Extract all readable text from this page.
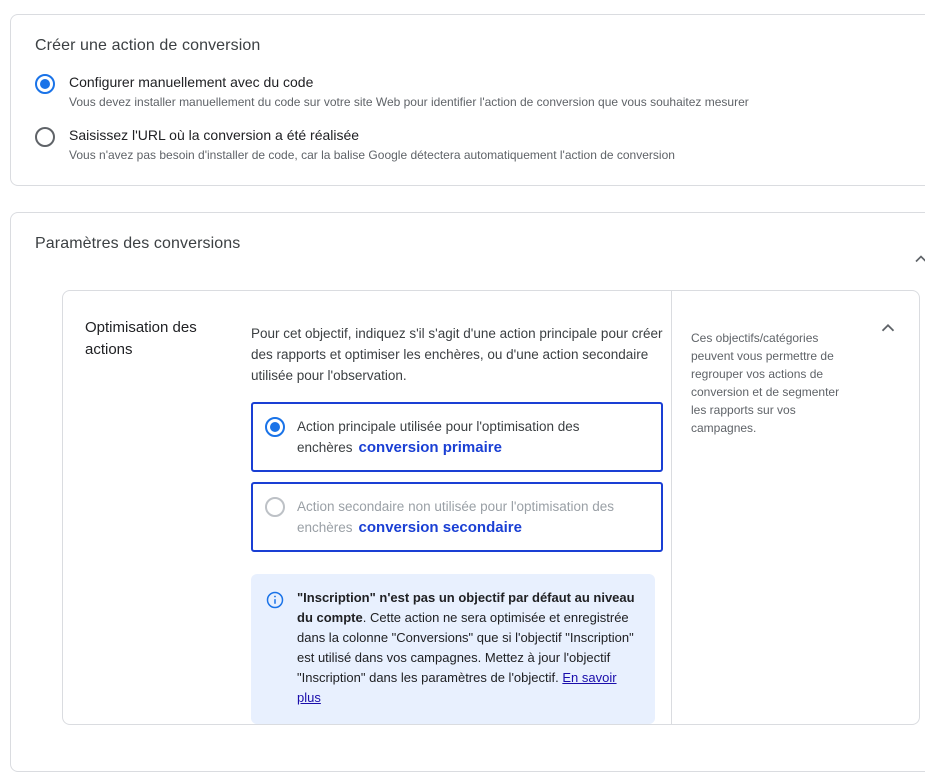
Créer une action de conversion
Configurer manuellement avec du code
Vous devez installer manuellement du code sur votre site Web pour identifier l'action de conversion que vous souhaitez mesurer
Saisissez l'URL où la conversion a été réalisée
Vous n'avez pas besoin d'installer de code, car la balise Google détectera automatiquement l'action de conversion
Paramètres des conversions
Optimisation des actions

Pour cet objectif, indiquez s'il s'agit d'une action principale pour créer des rapports et optimiser les enchères, ou d'une action secondaire utilisée pour l'observation.

Action principale utilisée pour l'optimisation des enchères conversion primaire
Action secondaire non utilisée pour l'optimisation des enchères conversion secondaire
"Inscription" n'est pas un objectif par défaut au niveau du compte. Cette action ne sera optimisée et enregistrée dans la colonne "Conversions" que si l'objectif "Inscription" est utilisé dans vos campagnes. Mettez à jour l'objectif "Inscription" dans les paramètres de l'objectif. En savoir plus
Ces objectifs/catégories peuvent vous permettre de regrouper vos actions de conversion et de segmenter les rapports sur vos campagnes.
